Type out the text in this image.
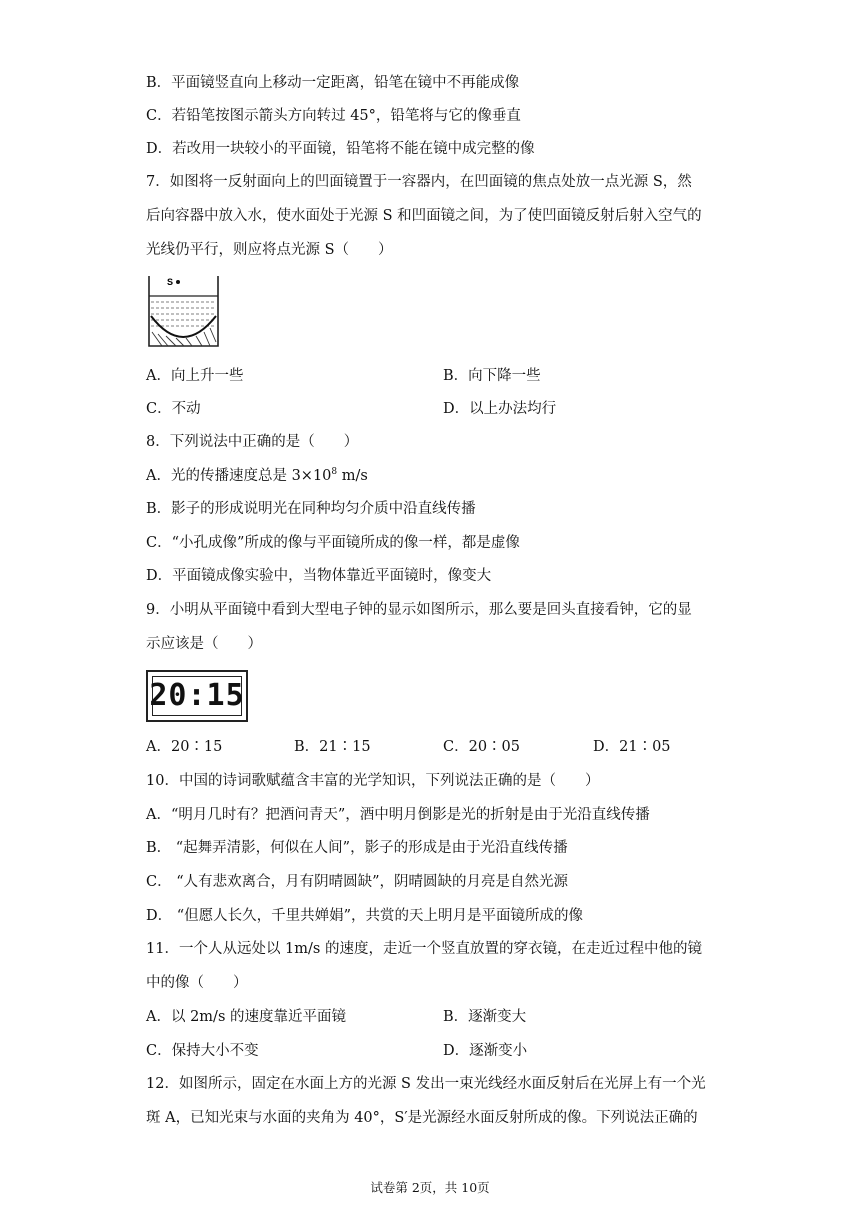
B．平面镜竖直向上移动一定距离，铅笔在镜中不再能成像
C．若铅笔按图示箭头方向转过 45°，铅笔将与它的像垂直
D．若改用一块较小的平面镜，铅笔将不能在镜中成完整的像
7．如图将一反射面向上的凹面镜置于一容器内，在凹面镜的焦点处放一点光源 S，然
后向容器中放入水，使水面处于光源 S 和凹面镜之间，为了使凹面镜反射后射入空气的
光线仍平行，则应将点光源 S（　　）
S
A．向上升一些	B．向下降一些
C．不动	D．以上办法均行
8．下列说法中正确的是（　　）
A．光的传播速度总是 $3\times 10^8$ m/s
B．影子的形成说明光在同种均匀介质中沿直线传播
C．“小孔成像”所成的像与平面镜所成的像一样，都是虚像
D．平面镜成像实验中，当物体靠近平面镜时，像变大
9．小明从平面镜中看到大型电子钟的显示如图所示，那么要是回头直接看钟，它的显
示应该是（　　）
20:15
A．20∶15	B．21∶15	C．20∶05	D．21∶05
10．中国的诗词歌赋蕴含丰富的光学知识，下列说法正确的是（　　）
A．“明月几时有？把酒问青天”，酒中明月倒影是光的折射是由于光沿直线传播
B． “起舞弄清影，何似在人间”，影子的形成是由于光沿直线传播
C． “人有悲欢离合，月有阴晴圆缺”，阴晴圆缺的月亮是自然光源
D． “但愿人长久，千里共婵娟”，共赏的天上明月是平面镜所成的像
11．一个人从远处以 1m/s 的速度，走近一个竖直放置的穿衣镜，在走近过程中他的镜
中的像（　　）
A．以 2m/s 的速度靠近平面镜	B．逐渐变大
C．保持大小不变	D．逐渐变小
12．如图所示，固定在水面上方的光源 S 发出一束光线经水面反射后在光屏上有一个光
斑 A，已知光束与水面的夹角为 40°，S′是光源经水面反射所成的像。下列说法正确的
试卷第 2页，共 10页
